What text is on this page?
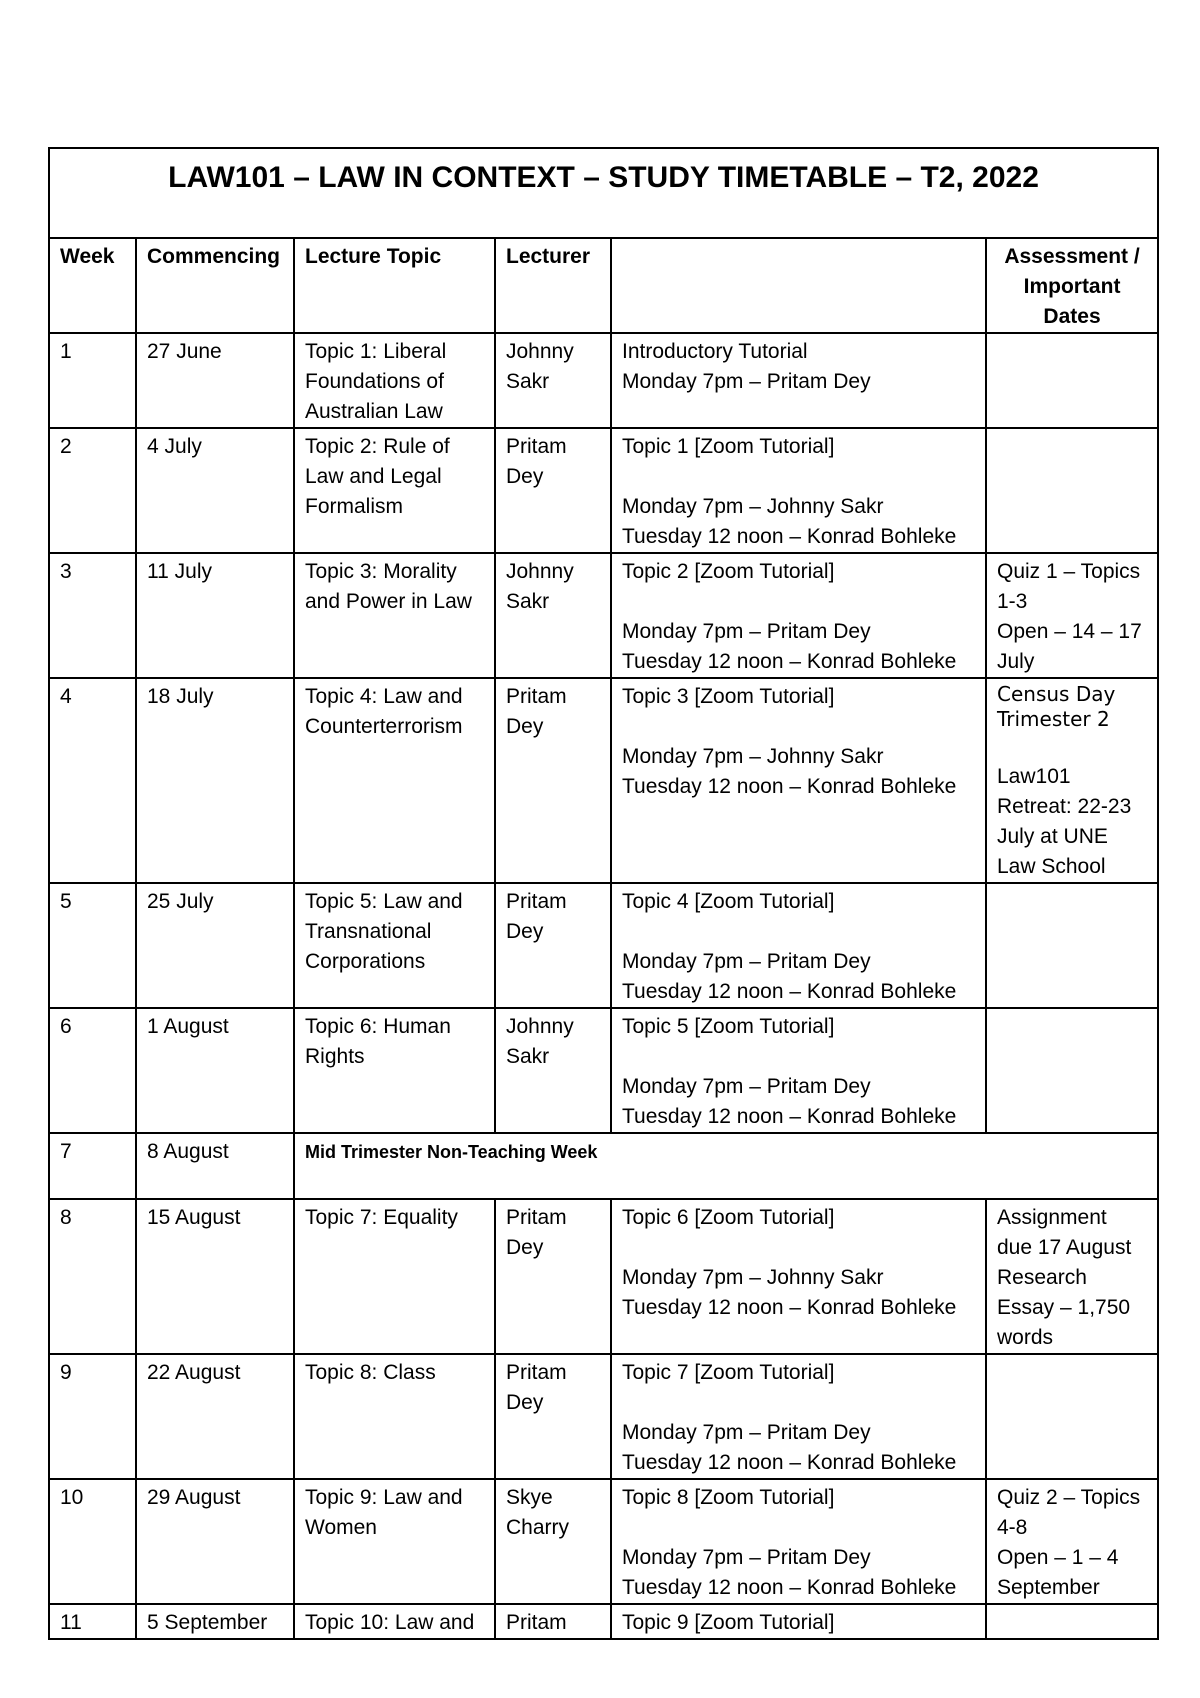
LAW101 – LAW IN CONTEXT – STUDY TIMETABLE – T2, 2022					
Week	Commencing	Lecture Topic	Lecturer		Assessment / Important Dates
1	27 June	Topic 1: Liberal Foundations of Australian Law	Johnny Sakr	Introductory Tutorial
Monday 7pm – Pritam Dey	

2	4 July	Topic 2: Rule of Law and Legal Formalism	Pritam Dey	Topic 1 [Zoom Tutorial]
Monday 7pm – Johnny Sakr
Tuesday 12 noon – Konrad Bohleke	

3	11 July	Topic 3: Morality and Power in Law	Johnny Sakr	Topic 2 [Zoom Tutorial]
Monday 7pm – Pritam Dey
Tuesday 12 noon – Konrad Bohleke	Quiz 1 – Topics 1-3
Open – 14 – 17 July

4	18 July	Topic 4: Law and Counterterrorism	Pritam Dey	Topic 3 [Zoom Tutorial]
Monday 7pm – Johnny Sakr
Tuesday 12 noon – Konrad Bohleke	Census Day Trimester 2
Law101 Retreat: 22-23 July at UNE Law School

5	25 July	Topic 5: Law and Transnational Corporations	Pritam Dey	Topic 4 [Zoom Tutorial]
Monday 7pm – Pritam Dey
Tuesday 12 noon – Konrad Bohleke	

6	1 August	Topic 6: Human Rights	Johnny Sakr	Topic 5 [Zoom Tutorial]
Monday 7pm – Pritam Dey
Tuesday 12 noon – Konrad Bohleke	

7	8 August	Mid Trimester Non-Teaching Week			
8	15 August	Topic 7: Equality	Pritam Dey	Topic 6 [Zoom Tutorial]
Monday 7pm – Johnny Sakr
Tuesday 12 noon – Konrad Bohleke	Assignment due 17 August Research Essay – 1,750 words

9	22 August	Topic 8: Class	Pritam Dey	Topic 7 [Zoom Tutorial]
Monday 7pm – Pritam Dey
Tuesday 12 noon – Konrad Bohleke	

10	29 August	Topic 9: Law and Women	Skye Charry	Topic 8 [Zoom Tutorial]
Monday 7pm – Pritam Dey
Tuesday 12 noon – Konrad Bohleke	Quiz 2 – Topics 4-8
Open – 1 – 4 September

11	5 September	Topic 10: Law and	Pritam	Topic 9 [Zoom Tutorial]	
